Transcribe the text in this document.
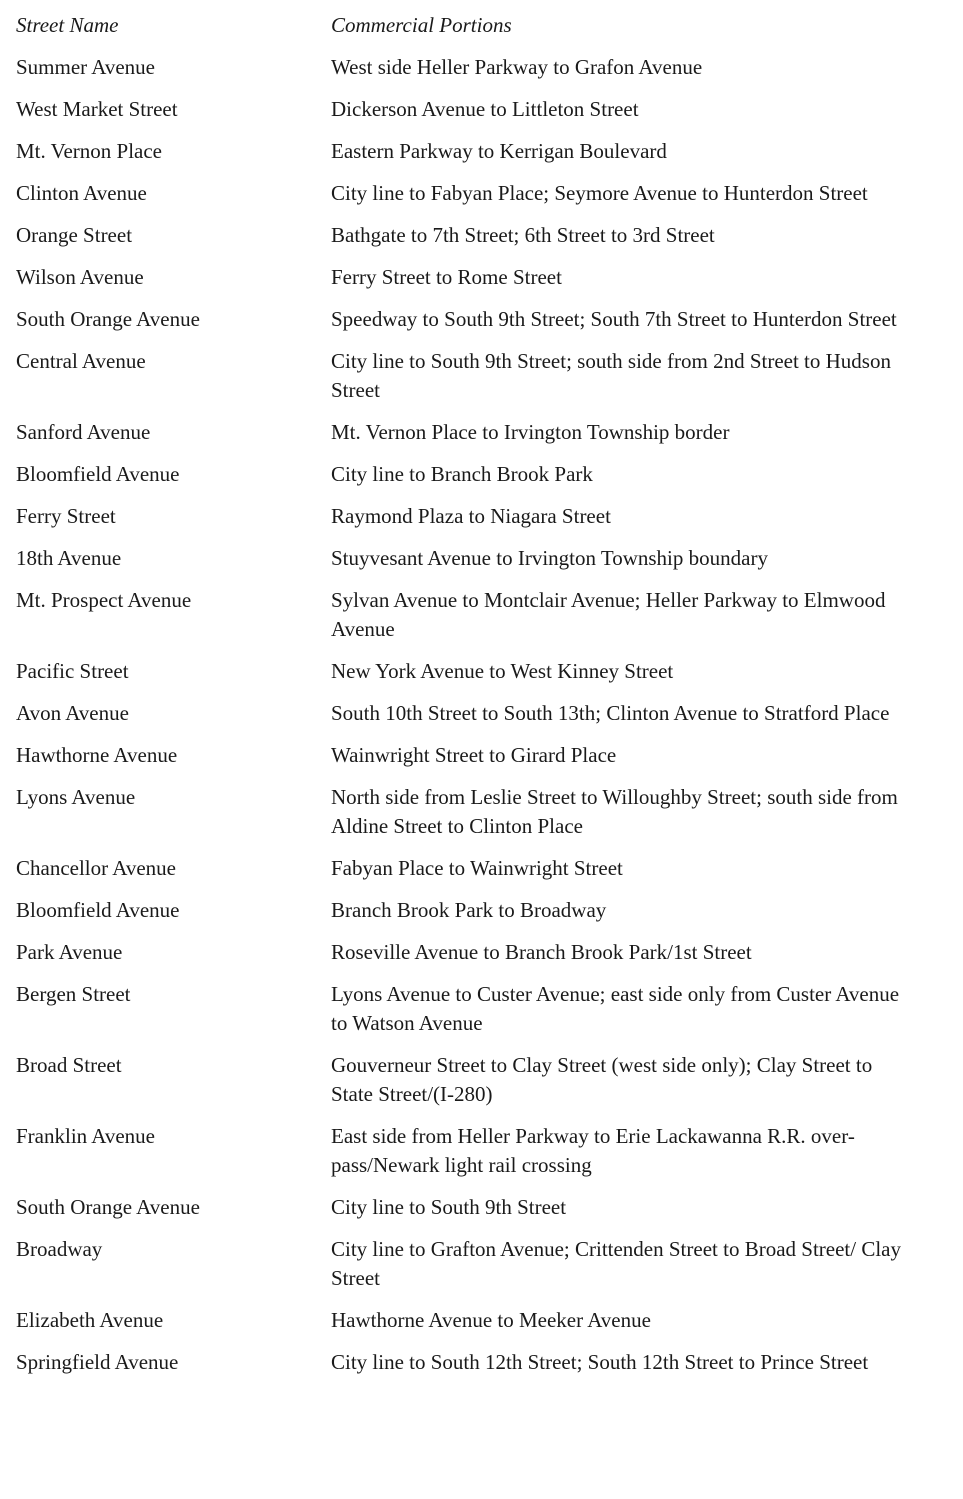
Street Name	Commercial Portions
Summer Avenue	West side Heller Parkway to Grafon Avenue
West Market Street	Dickerson Avenue to Littleton Street
Mt. Vernon Place	Eastern Parkway to Kerrigan Boulevard
Clinton Avenue	City line to Fabyan Place; Seymore Avenue to Hunterdon Street
Orange Street	Bathgate to 7th Street; 6th Street to 3rd Street
Wilson Avenue	Ferry Street to Rome Street
South Orange Avenue	Speedway to South 9th Street; South 7th Street to Hunterdon Street
Central Avenue	City line to South 9th Street; south side from 2nd Street to Hudson Street
Sanford Avenue	Mt. Vernon Place to Irvington Township border
Bloomfield Avenue	City line to Branch Brook Park
Ferry Street	Raymond Plaza to Niagara Street
18th Avenue	Stuyvesant Avenue to Irvington Township boundary
Mt. Prospect Avenue	Sylvan Avenue to Montclair Avenue; Heller Parkway to Elmwood Avenue
Pacific Street	New York Avenue to West Kinney Street
Avon Avenue	South 10th Street to South 13th; Clinton Avenue to Stratford Place
Hawthorne Avenue	Wainwright Street to Girard Place
Lyons Avenue	North side from Leslie Street to Willoughby Street; south side from Aldine Street to Clinton Place
Chancellor Avenue	Fabyan Place to Wainwright Street
Bloomfield Avenue	Branch Brook Park to Broadway
Park Avenue	Roseville Avenue to Branch Brook Park/1st Street
Bergen Street	Lyons Avenue to Custer Avenue; east side only from Custer Avenue to Watson Avenue
Broad Street	Gouverneur Street to Clay Street (west side only); Clay Street to State Street/(I-280)
Franklin Avenue	East side from Heller Parkway to Erie Lackawanna R.R. over-pass/Newark light rail crossing
South Orange Avenue	City line to South 9th Street
Broadway	City line to Grafton Avenue; Crittenden Street to Broad Street/ Clay Street
Elizabeth Avenue	Hawthorne Avenue to Meeker Avenue
Springfield Avenue	City line to South 12th Street; South 12th Street to Prince Street
